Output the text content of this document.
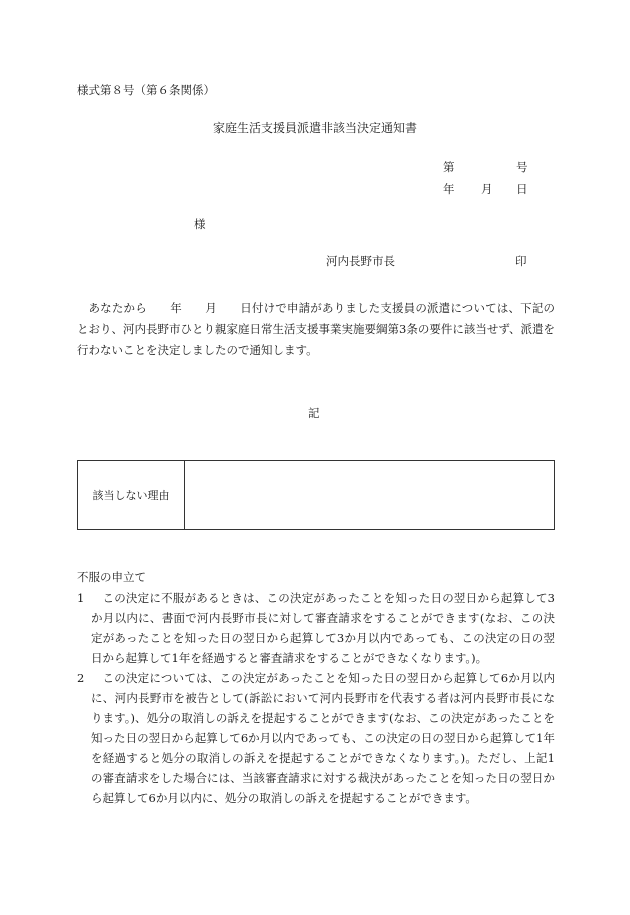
様式第８号（第６条関係）
家庭生活支援員派遣非該当決定通知書
第	号
年 月 日
様
河内長野市長	印

あなたから　　年　　月　　日付けで申請がありました支援員の派遣については、下記のとおり、河内長野市ひとり親家庭日常生活支援事業実施要綱第3条の要件に該当せず、派遣を行わないことを決定しましたので通知します。

記
該当しない理由
不服の申立て
1 この決定に不服があるときは、この決定があったことを知った日の翌日から起算して3か月以内に、書面で河内長野市長に対して審査請求をすることができます(なお、この決定があったことを知った日の翌日から起算して3か月以内であっても、この決定の日の翌日から起算して1年を経過すると審査請求をすることができなくなります。)。
2 この決定については、この決定があったことを知った日の翌日から起算して6か月以内に、河内長野市を被告として(訴訟において河内長野市を代表する者は河内長野市長になります。)、処分の取消しの訴えを提起することができます(なお、この決定があったことを知った日の翌日から起算して6か月以内であっても、この決定の日の翌日から起算して1年を経過すると処分の取消しの訴えを提起することができなくなります。)。ただし、上記1の審査請求をした場合には、当該審査請求に対する裁決があったことを知った日の翌日から起算して6か月以内に、処分の取消しの訴えを提起することができます。
